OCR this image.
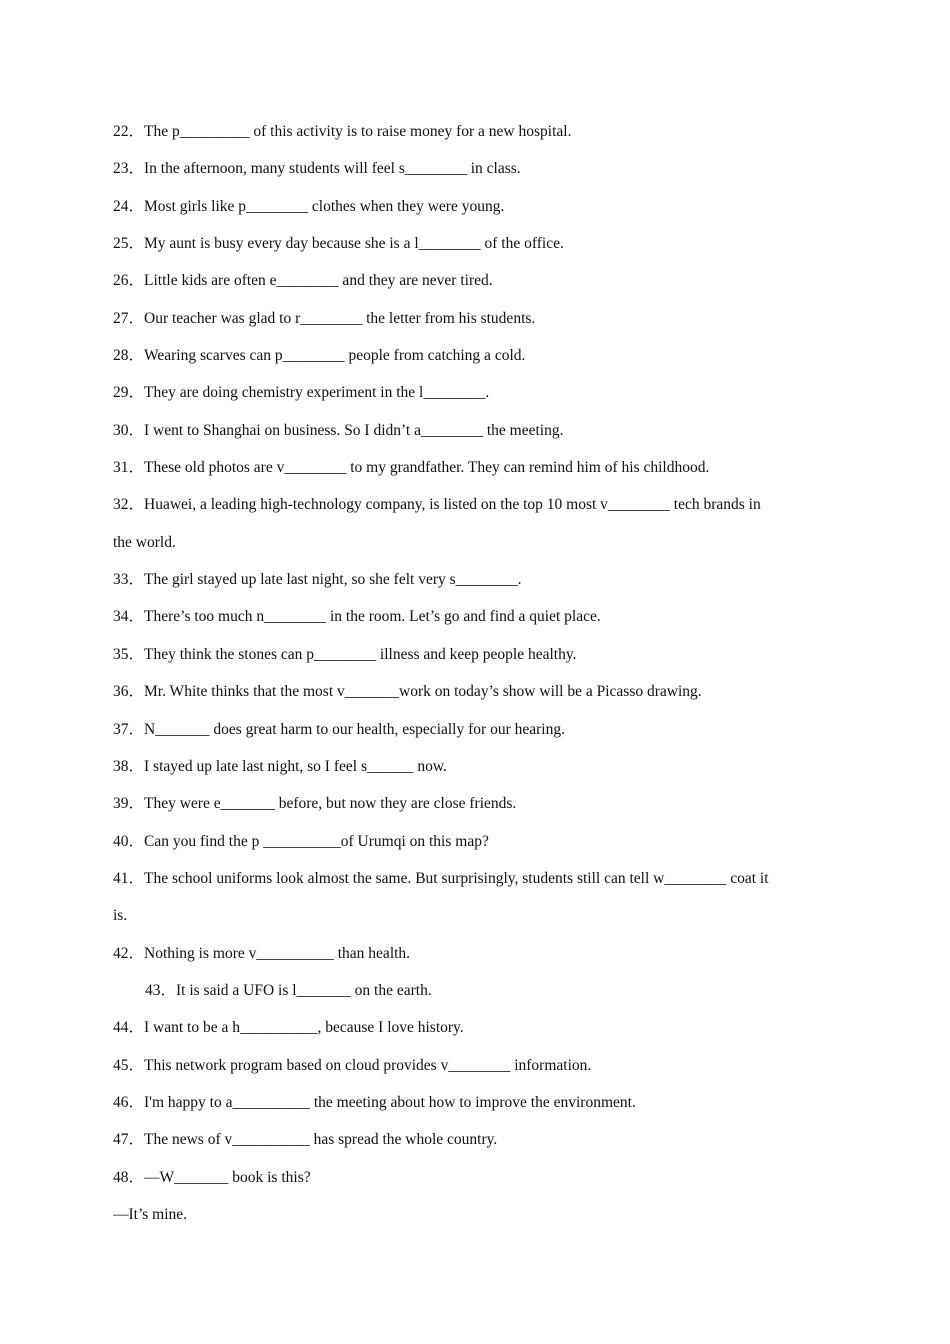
22．The p_________ of this activity is to raise money for a new hospital.
23．In the afternoon, many students will feel s________ in class.
24．Most girls like p________ clothes when they were young.
25．My aunt is busy every day because she is a l________ of the office.
26．Little kids are often e________ and they are never tired.
27．Our teacher was glad to r________ the letter from his students.
28．Wearing scarves can p________ people from catching a cold.
29．They are doing chemistry experiment in the l________.
30．I went to Shanghai on business. So I didn’t a________ the meeting.
31．These old photos are v________ to my grandfather. They can remind him of his childhood.
32．Huawei, a leading high-technology company, is listed on the top 10 most v________ tech brands in
the world.
33．The girl stayed up late last night, so she felt very s________.
34．There’s too much n________ in the room. Let’s go and find a quiet place.
35．They think the stones can p________ illness and keep people healthy.
36．Mr. White thinks that the most v_______work on today’s show will be a Picasso drawing.
37．N_______ does great harm to our health, especially for our hearing.
38．I stayed up late last night, so I feel s______ now.
39．They were e_______ before, but now they are close friends.
40．Can you find the p __________of Urumqi on this map?
41．The school uniforms look almost the same. But surprisingly, students still can tell w________ coat it
is.
42．Nothing is more v__________ than health.
43．It is said a UFO is l_______ on the earth.
44．I want to be a h__________, because I love history.
45．This network program based on cloud provides v________ information.
46．I'm happy to a__________ the meeting about how to improve the environment.
47．The news of v__________ has spread the whole country.
48．—W_______ book is this?
—It’s mine.
